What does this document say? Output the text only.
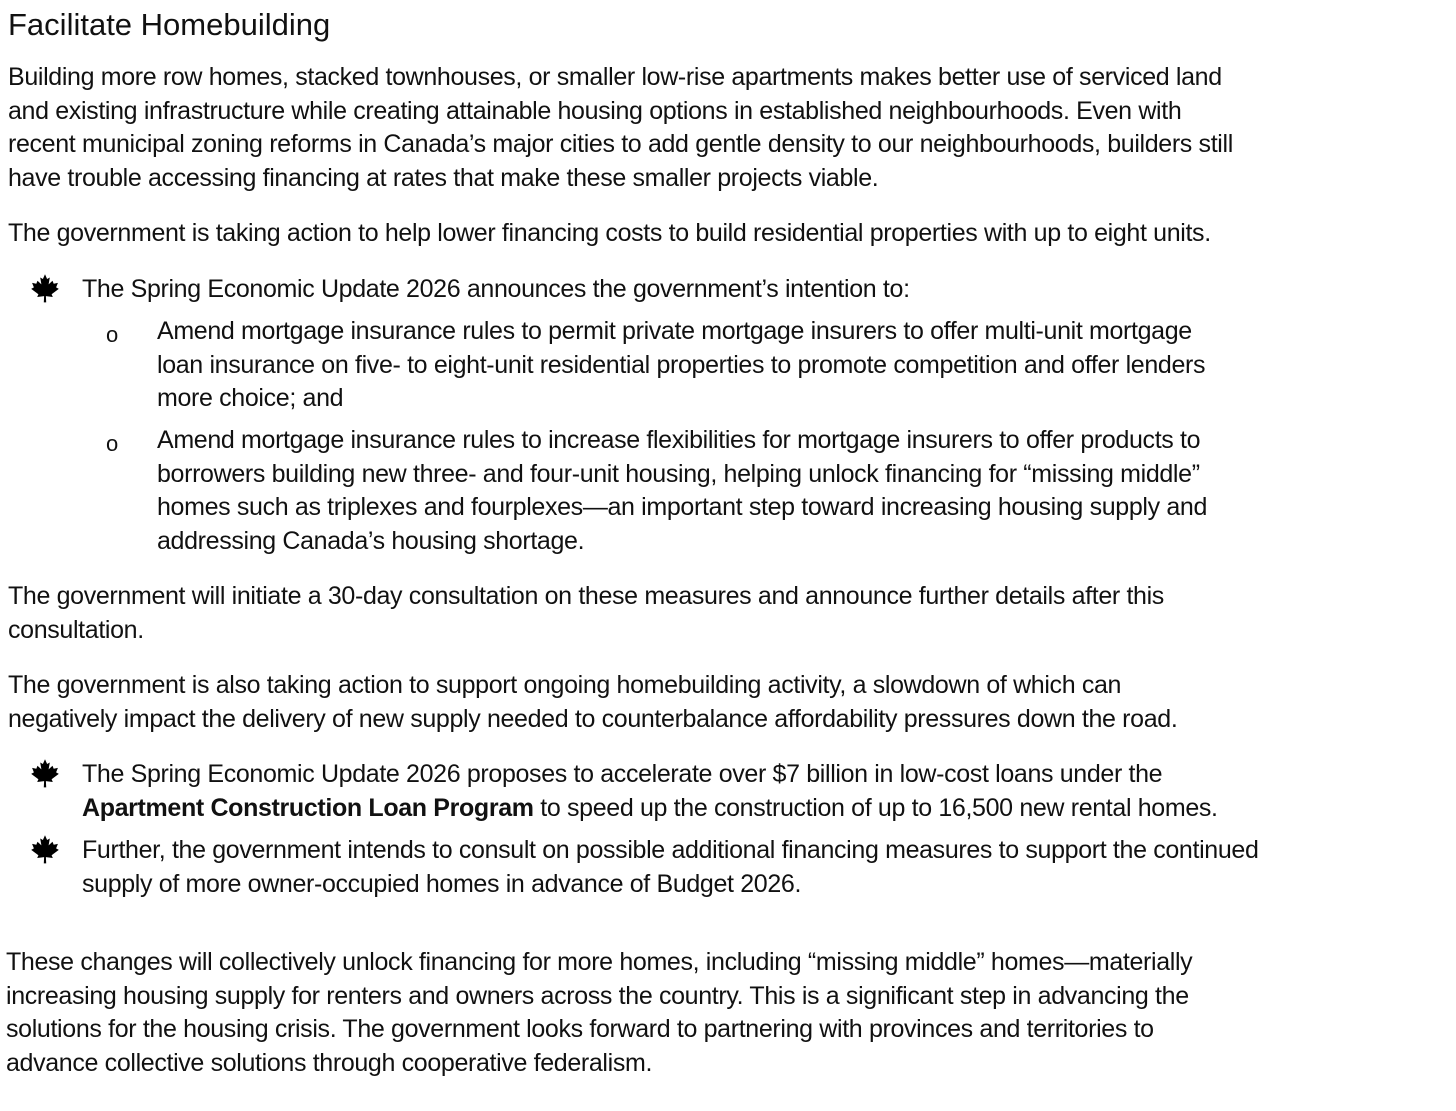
Facilitate Homebuilding

Building more row homes, stacked townhouses, or smaller low-rise apartments makes better use of serviced land
and existing infrastructure while creating attainable housing options in established neighbourhoods. Even with
recent municipal zoning reforms in Canada’s major cities to add gentle density to our neighbourhoods, builders still
have trouble accessing financing at rates that make these smaller projects viable.

The government is taking action to help lower financing costs to build residential properties with up to eight units.

The Spring Economic Update 2026 announces the government’s intention to:

o Amend mortgage insurance rules to permit private mortgage insurers to offer multi-unit mortgage
loan insurance on five- to eight-unit residential properties to promote competition and offer lenders
more choice; and

o Amend mortgage insurance rules to increase flexibilities for mortgage insurers to offer products to
borrowers building new three- and four-unit housing, helping unlock financing for “missing middle”
homes such as triplexes and fourplexes—an important step toward increasing housing supply and
addressing Canada’s housing shortage.

The government will initiate a 30-day consultation on these measures and announce further details after this
consultation.

The government is also taking action to support ongoing homebuilding activity, a slowdown of which can
negatively impact the delivery of new supply needed to counterbalance affordability pressures down the road.

The Spring Economic Update 2026 proposes to accelerate over $7 billion in low-cost loans under the
Apartment Construction Loan Program to speed up the construction of up to 16,500 new rental homes.

Further, the government intends to consult on possible additional financing measures to support the continued
supply of more owner-occupied homes in advance of Budget 2026.

These changes will collectively unlock financing for more homes, including “missing middle” homes—materially
increasing housing supply for renters and owners across the country. This is a significant step in advancing the
solutions for the housing crisis. The government looks forward to partnering with provinces and territories to
advance collective solutions through cooperative federalism.
